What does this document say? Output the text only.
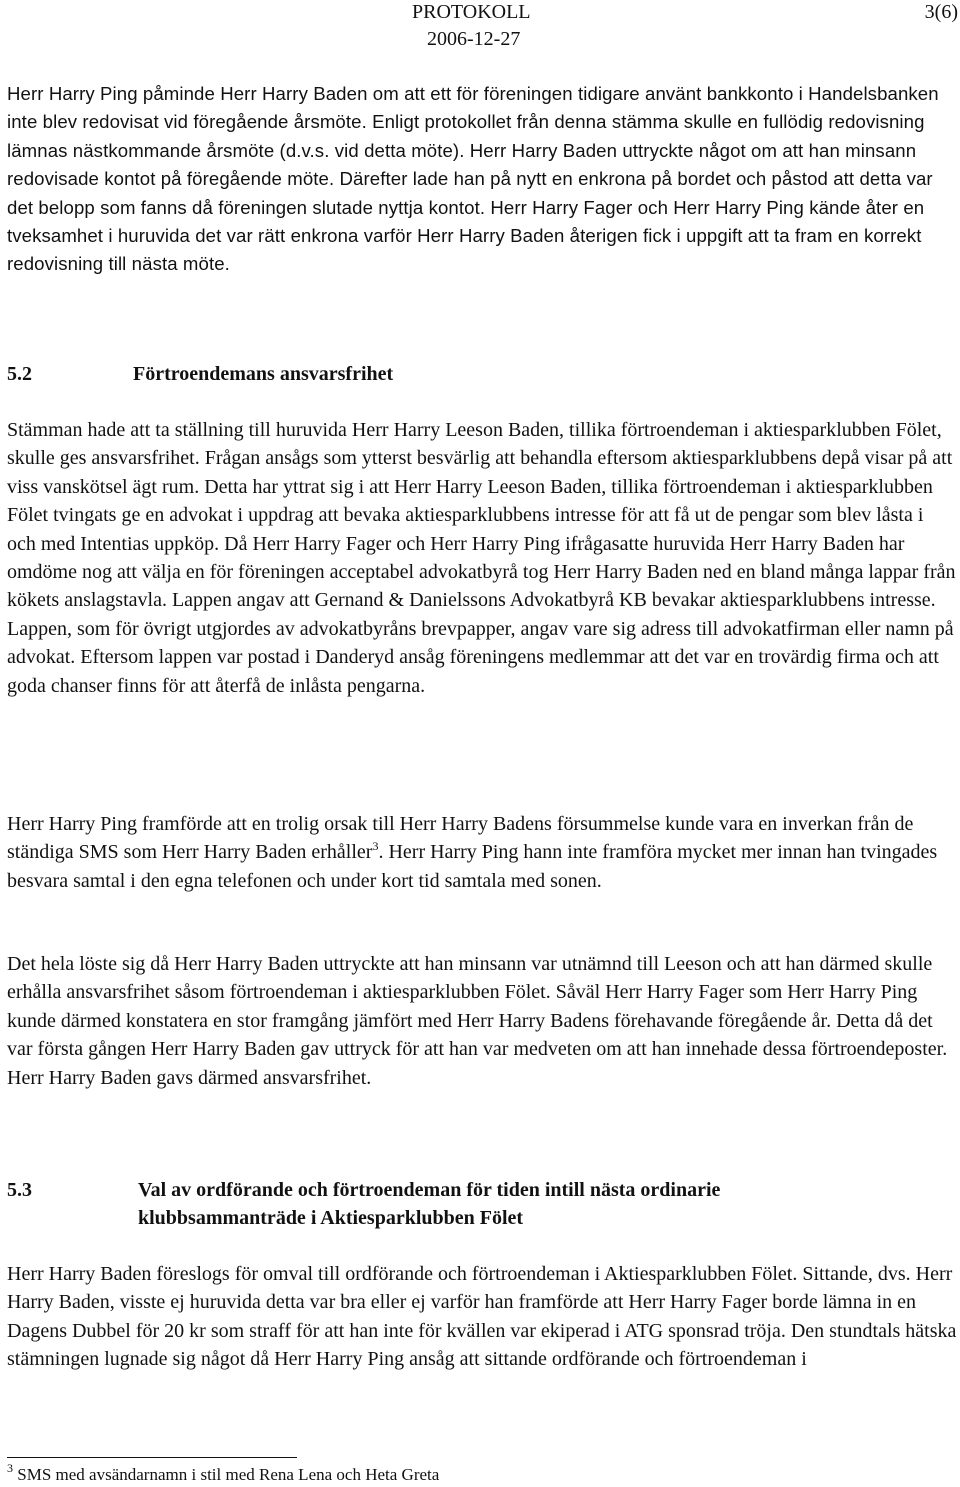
PROTOKOLL
2006-12-27
3(6)

Herr Harry Ping påminde Herr Harry Baden om att ett för föreningen tidigare använt bankkonto i Handelsbanken inte blev redovisat vid föregående årsmöte. Enligt protokollet från denna stämma skulle en fullödig redovisning lämnas nästkommande årsmöte (d.v.s. vid detta möte). Herr Harry Baden uttryckte något om att han minsann redovisade kontot på föregående möte. Därefter lade han på nytt en enkrona på bordet och påstod att detta var det belopp som fanns då föreningen slutade nyttja kontot. Herr Harry Fager och Herr Harry Ping kände åter en tveksamhet i huruvida det var rätt enkrona varför Herr Harry Baden återigen fick i uppgift att ta fram en korrekt redovisning till nästa möte.

5.2	Förtroendemans ansvarsfrihet

Stämman hade att ta ställning till huruvida Herr Harry Leeson Baden, tillika förtroendeman i aktiesparklubben Fölet, skulle ges ansvarsfrihet. Frågan ansågs som ytterst besvärlig att behandla eftersom aktiesparklubbens depå visar på att viss vanskötsel ägt rum. Detta har yttrat sig i att Herr Harry Leeson Baden, tillika förtroendeman i aktiesparklubben Fölet tvingats ge en advokat i uppdrag att bevaka aktiesparklubbens intresse för att få ut de pengar som blev låsta i och med Intentias uppköp. Då Herr Harry Fager och Herr Harry Ping ifrågasatte huruvida Herr Harry Baden har omdöme nog att välja en för föreningen acceptabel advokatbyrå tog Herr Harry Baden ned en bland många lappar från kökets anslagstavla. Lappen angav att Gernand & Danielssons Advokatbyrå KB bevakar aktiesparklubbens intresse. Lappen, som för övrigt utgjordes av advokatbyråns brevpapper, angav vare sig adress till advokatfirman eller namn på advokat. Eftersom lappen var postad i Danderyd ansåg föreningens medlemmar att det var en trovärdig firma och att goda chanser finns för att återfå de inlåsta pengarna.

Herr Harry Ping framförde att en trolig orsak till Herr Harry Badens försummelse kunde vara en inverkan från de ständiga SMS som Herr Harry Baden erhåller$^3$. Herr Harry Ping hann inte framföra mycket mer innan han tvingades besvara samtal i den egna telefonen och under kort tid samtala med sonen.

Det hela löste sig då Herr Harry Baden uttryckte att han minsann var utnämnd till Leeson och att han därmed skulle erhålla ansvarsfrihet såsom förtroendeman i aktiesparklubben Fölet. Såväl Herr Harry Fager som Herr Harry Ping kunde därmed konstatera en stor framgång jämfört med Herr Harry Badens förehavande föregående år. Detta då det var första gången Herr Harry Baden gav uttryck för att han var medveten om att han innehade dessa förtroendeposter. Herr Harry Baden gavs därmed ansvarsfrihet.

5.3	Val av ordförande och förtroendeman för tiden intill nästa ordinarie
klubbsammanträde i Aktiesparklubben Fölet

Herr Harry Baden föreslogs för omval till ordförande och förtroendeman i Aktiesparklubben Fölet. Sittande, dvs. Herr Harry Baden, visste ej huruvida detta var bra eller ej varför han framförde att Herr Harry Fager borde lämna in en Dagens Dubbel för 20 kr som straff för att han inte för kvällen var ekiperad i ATG sponsrad tröja. Den stundtals hätska stämningen lugnade sig något då Herr Harry Ping ansåg att sittande ordförande och förtroendeman i

$^3$ SMS med avsändarnamn i stil med Rena Lena och Heta Greta
